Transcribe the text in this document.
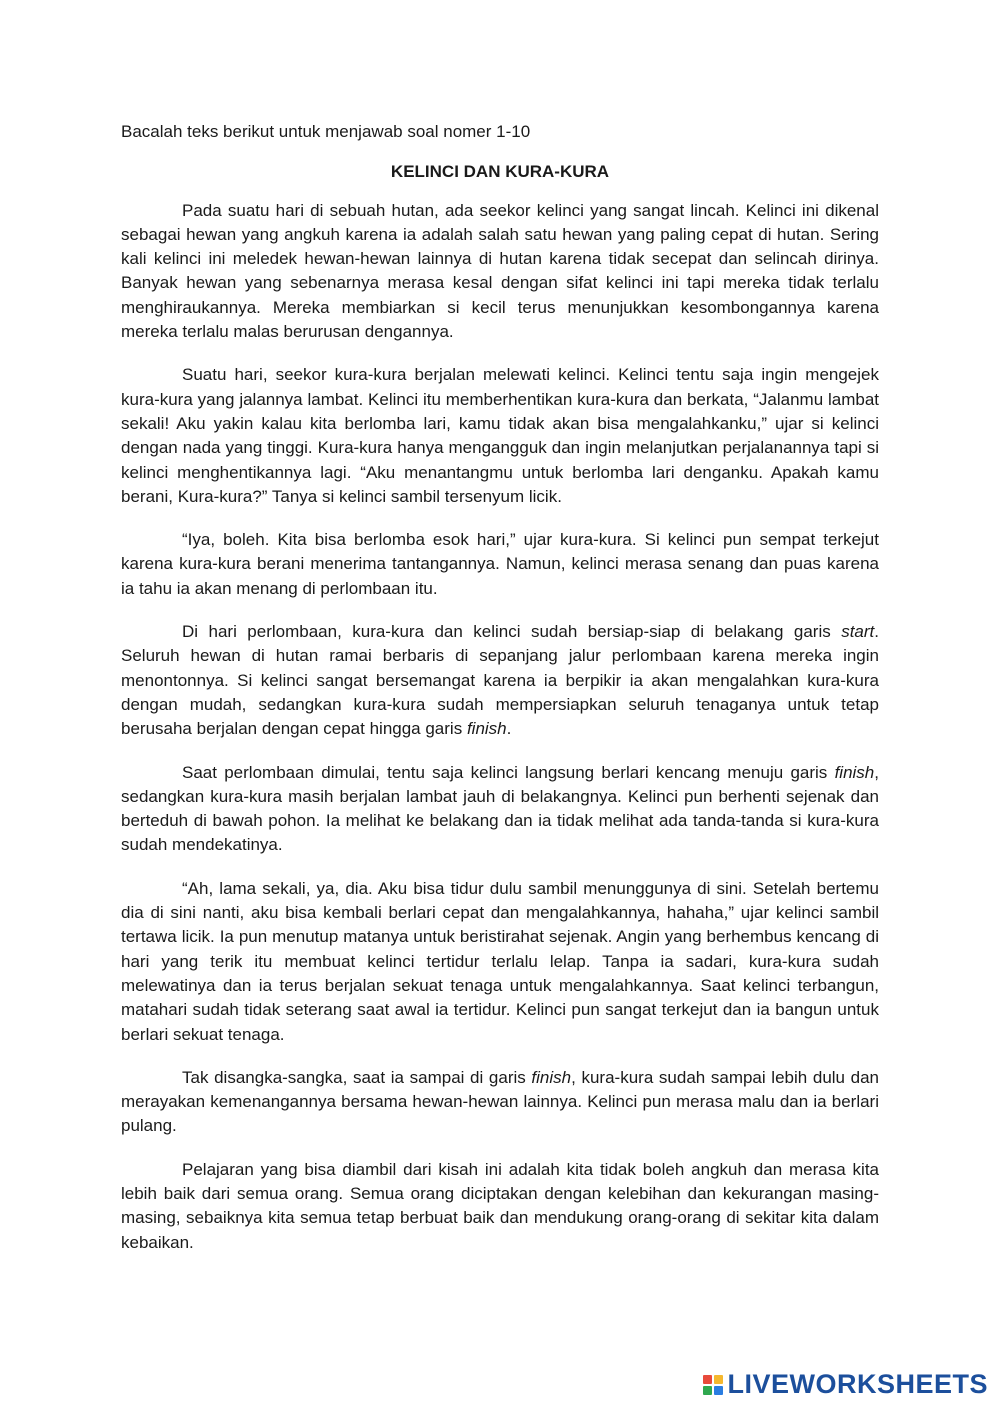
Bacalah teks berikut untuk menjawab soal nomer 1-10

KELINCI DAN KURA-KURA

Pada suatu hari di sebuah hutan, ada seekor kelinci yang sangat lincah. Kelinci ini dikenal sebagai hewan yang angkuh karena ia adalah salah satu hewan yang paling cepat di hutan. Sering kali kelinci ini meledek hewan-hewan lainnya di hutan karena tidak secepat dan selincah dirinya. Banyak hewan yang sebenarnya merasa kesal dengan sifat kelinci ini tapi mereka tidak terlalu menghiraukannya. Mereka membiarkan si kecil terus menunjukkan kesombongannya karena mereka terlalu malas berurusan dengannya.

Suatu hari, seekor kura-kura berjalan melewati kelinci. Kelinci tentu saja ingin mengejek kura-kura yang jalannya lambat. Kelinci itu memberhentikan kura-kura dan berkata, “Jalanmu lambat sekali! Aku yakin kalau kita berlomba lari, kamu tidak akan bisa mengalahkanku,” ujar si kelinci dengan nada yang tinggi. Kura-kura hanya mengangguk dan ingin melanjutkan perjalanannya tapi si kelinci menghentikannya lagi. “Aku menantangmu untuk berlomba lari denganku. Apakah kamu berani, Kura-kura?” Tanya si kelinci sambil tersenyum licik.

“Iya, boleh. Kita bisa berlomba esok hari,” ujar kura-kura. Si kelinci pun sempat terkejut karena kura-kura berani menerima tantangannya. Namun, kelinci merasa senang dan puas karena ia tahu ia akan menang di perlombaan itu.

Di hari perlombaan, kura-kura dan kelinci sudah bersiap-siap di belakang garis start. Seluruh hewan di hutan ramai berbaris di sepanjang jalur perlombaan karena mereka ingin menontonnya. Si kelinci sangat bersemangat karena ia berpikir ia akan mengalahkan kura-kura dengan mudah, sedangkan kura-kura sudah mempersiapkan seluruh tenaganya untuk tetap berusaha berjalan dengan cepat hingga garis finish.

Saat perlombaan dimulai, tentu saja kelinci langsung berlari kencang menuju garis finish, sedangkan kura-kura masih berjalan lambat jauh di belakangnya. Kelinci pun berhenti sejenak dan berteduh di bawah pohon. Ia melihat ke belakang dan ia tidak melihat ada tanda-tanda si kura-kura sudah mendekatinya.

“Ah, lama sekali, ya, dia. Aku bisa tidur dulu sambil menunggunya di sini. Setelah bertemu dia di sini nanti, aku bisa kembali berlari cepat dan mengalahkannya, hahaha,” ujar kelinci sambil tertawa licik. Ia pun menutup matanya untuk beristirahat sejenak. Angin yang berhembus kencang di hari yang terik itu membuat kelinci tertidur terlalu lelap. Tanpa ia sadari, kura-kura sudah melewatinya dan ia terus berjalan sekuat tenaga untuk mengalahkannya. Saat kelinci terbangun, matahari sudah tidak seterang saat awal ia tertidur. Kelinci pun sangat terkejut dan ia bangun untuk berlari sekuat tenaga.

Tak disangka-sangka, saat ia sampai di garis finish, kura-kura sudah sampai lebih dulu dan merayakan kemenangannya bersama hewan-hewan lainnya. Kelinci pun merasa malu dan ia berlari pulang.

Pelajaran yang bisa diambil dari kisah ini adalah kita tidak boleh angkuh dan merasa kita lebih baik dari semua orang. Semua orang diciptakan dengan kelebihan dan kekurangan masing-masing, sebaiknya kita semua tetap berbuat baik dan mendukung orang-orang di sekitar kita dalam kebaikan.

LIVEWORKSHEETS
